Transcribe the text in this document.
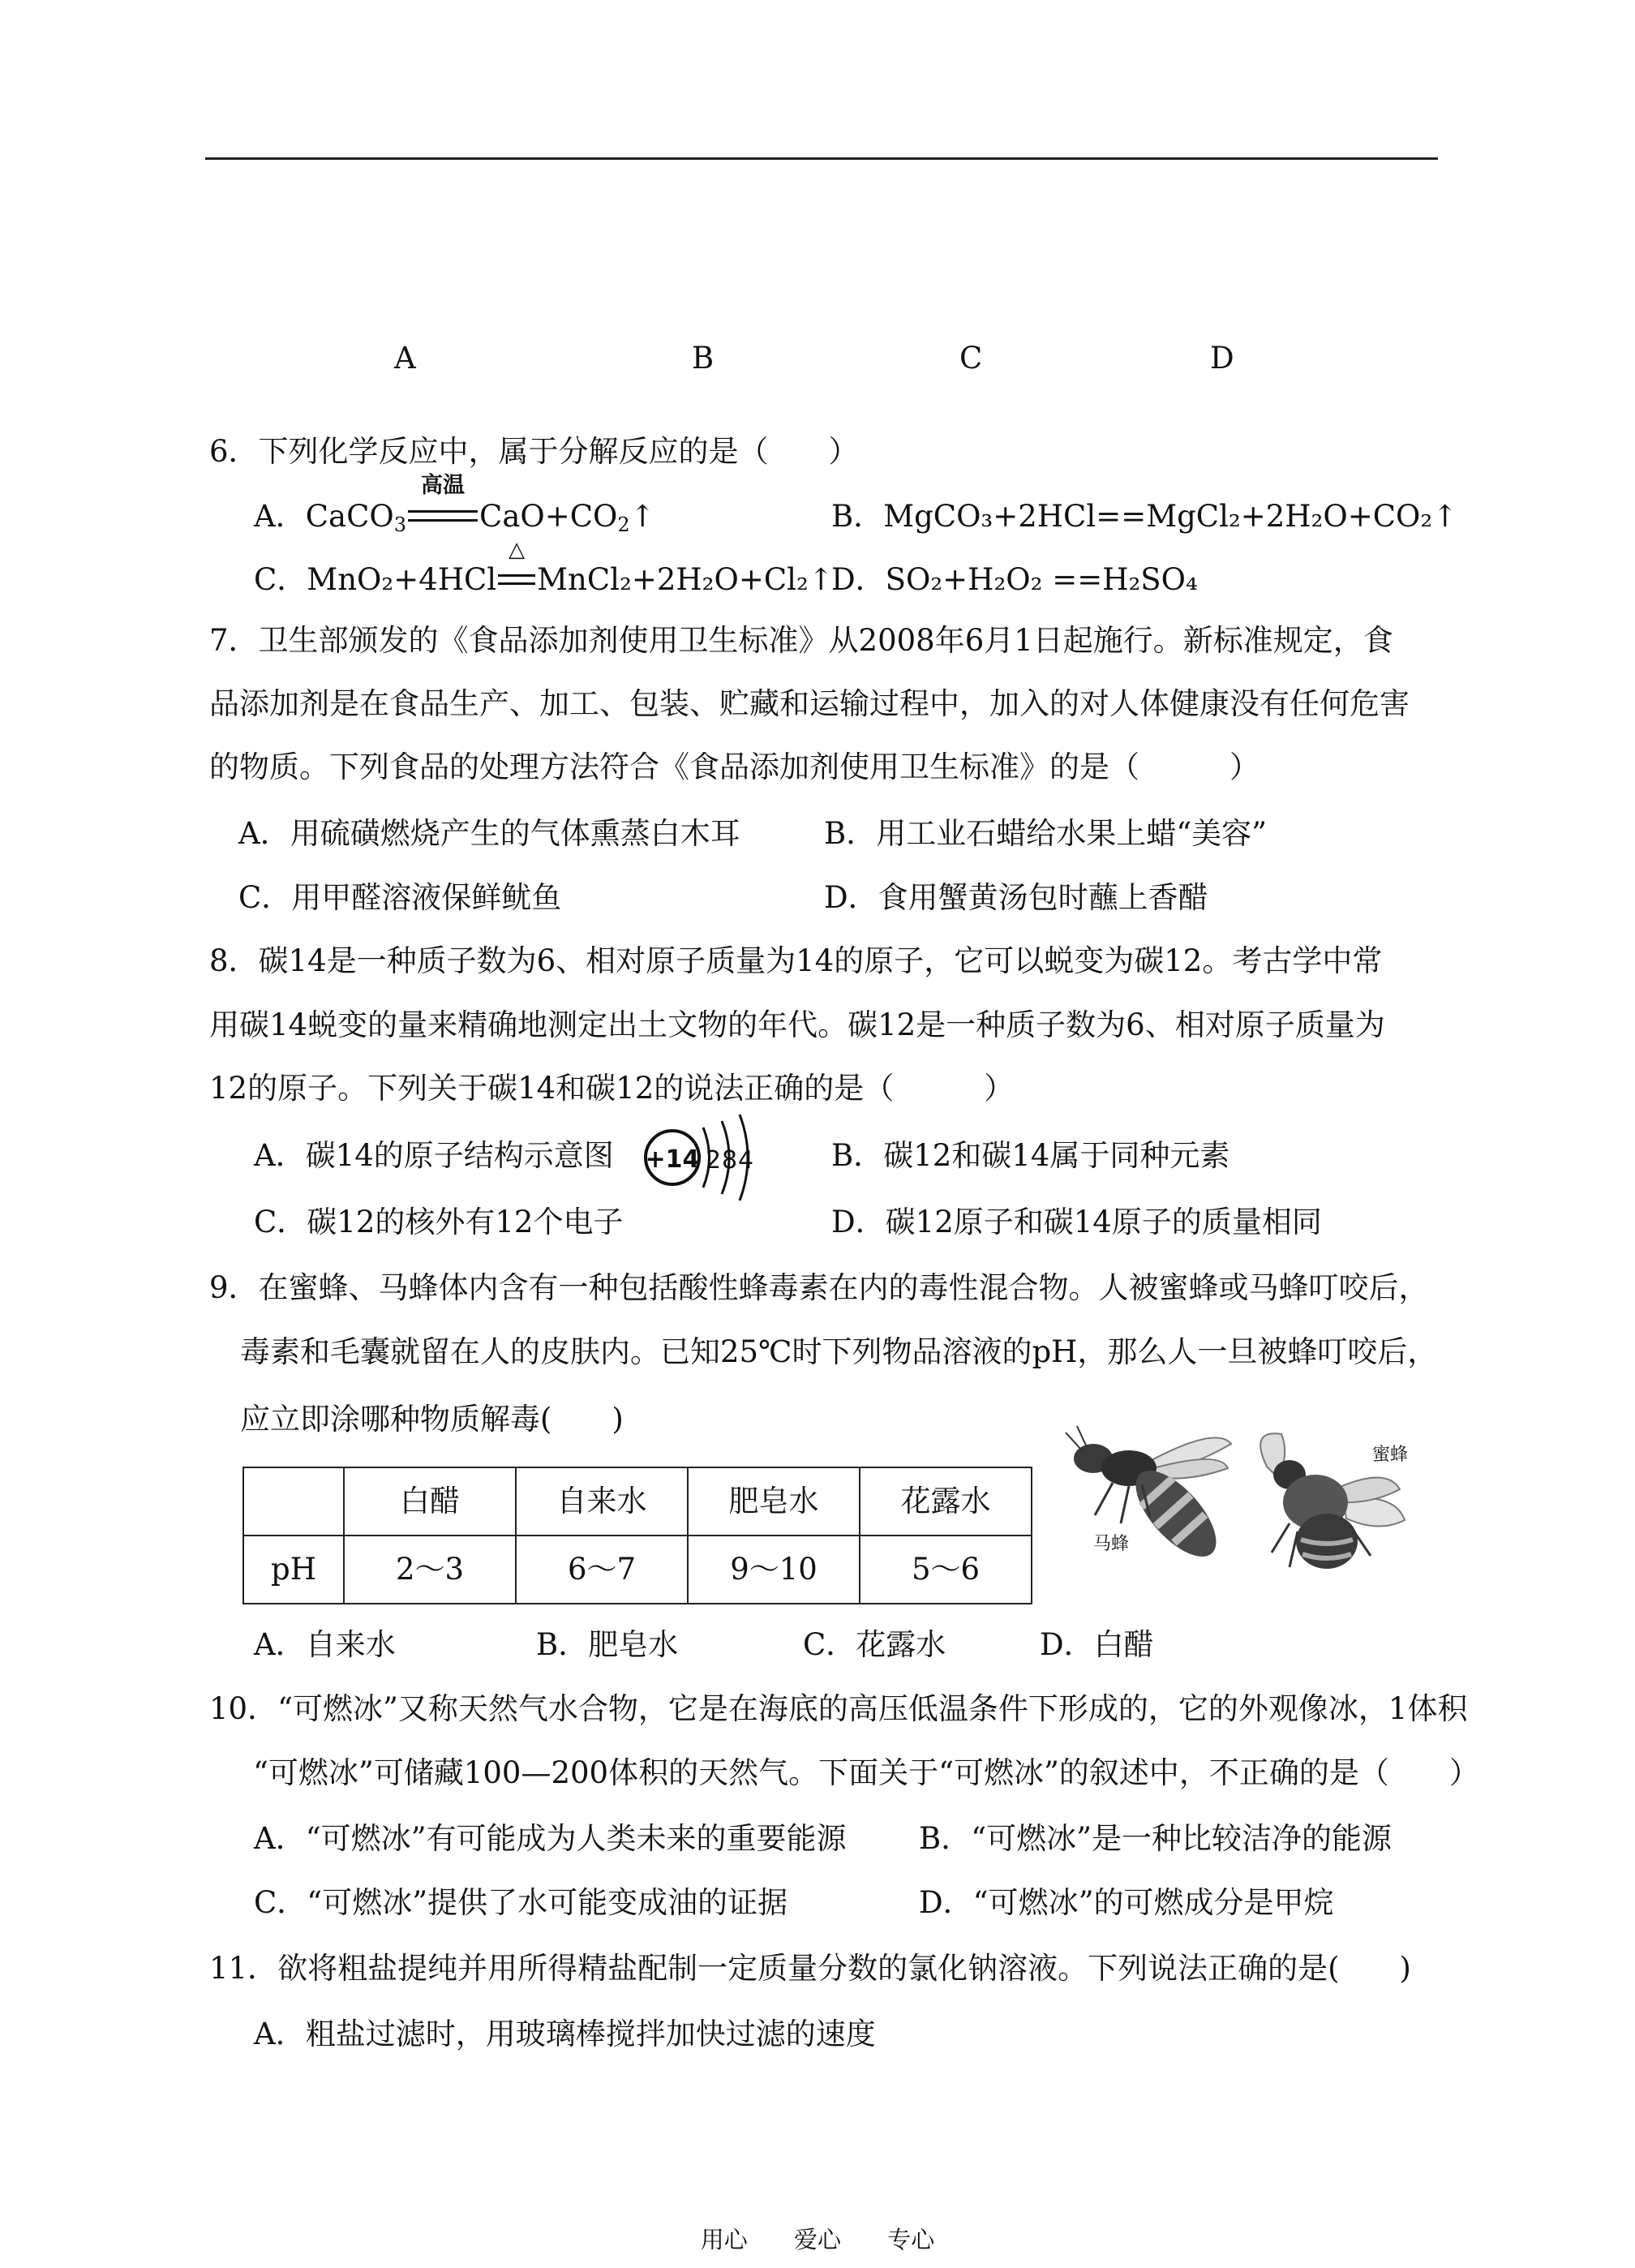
A	B	C	D
6．下列化学反应中，属于分解反应的是（　　）
A．CaCO$_3$
高温
$CaO+CO_2↑$	B．MgCO₃+2HCl==MgCl₂+2H₂O+CO₂↑
C．MnO₂+4HCl
△
MnCl₂+2H₂O+Cl₂↑
D．SO₂+H₂O₂ ==H₂SO₄
7．卫生部颁发的《食品添加剂使用卫生标准》从2008年6月1日起施行。新标准规定，食
品添加剂是在食品生产、加工、包装、贮藏和运输过程中，加入的对人体健康没有任何危害
的物质。下列食品的处理方法符合《食品添加剂使用卫生标准》的是（　　　）
A．用硫磺燃烧产生的气体熏蒸白木耳	B．用工业石蜡给水果上蜡“美容”
C．用甲醛溶液保鲜鱿鱼	D．食用蟹黄汤包时蘸上香醋
8．碳14是一种质子数为6、相对原子质量为14的原子，它可以蜕变为碳12。考古学中常
用碳14蜕变的量来精确地测定出土文物的年代。碳12是一种质子数为6、相对原子质量为
12的原子。下列关于碳14和碳12的说法正确的是（　　　）
A．碳14的原子结构示意图 +14 2 8 4	B．碳12和碳14属于同种元素
C．碳12的核外有12个电子	D．碳12原子和碳14原子的质量相同
9．在蜜蜂、马蜂体内含有一种包括酸性蜂毒素在内的毒性混合物。人被蜜蜂或马蜂叮咬后，
毒素和毛囊就留在人的皮肤内。已知25℃时下列物品溶液的pH，那么人一旦被蜂叮咬后，
应立即涂哪种物质解毒(　　)
	白醋	自来水	肥皂水	花露水
pH	2～3	6～7	9～10	5～6
马蜂
蜜蜂
A．自来水	B．肥皂水	C．花露水	D．白醋
10．“可燃冰”又称天然气水合物，它是在海底的高压低温条件下形成的，它的外观像冰，1体积
“可燃冰”可储藏100—200体积的天然气。下面关于“可燃冰”的叙述中，不正确的是（　　）
A．“可燃冰”有可能成为人类未来的重要能源 B．“可燃冰”是一种比较洁净的能源
C．“可燃冰”提供了水可能变成油的证据	D．“可燃冰”的可燃成分是甲烷
11．欲将粗盐提纯并用所得精盐配制一定质量分数的氯化钠溶液。下列说法正确的是(　　)
A．粗盐过滤时，用玻璃棒搅拌加快过滤的速度
用心 爱心 专心
